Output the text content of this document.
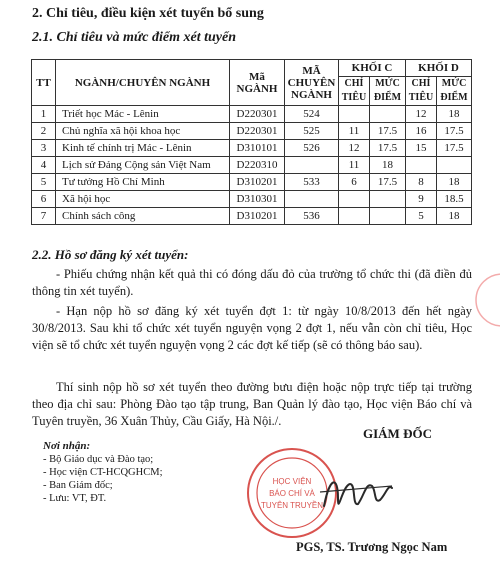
2. Chỉ tiêu, điều kiện xét tuyển bổ sung
2.1. Chỉ tiêu và mức điểm xét tuyển
TT	NGÀNH/CHUYÊN NGÀNH	Mã NGÀNH	MÃ CHUYÊN NGÀNH	KHỐI C		KHỐI D	
				CHỈ TIÊU	MỨC ĐIỂM	CHỈ TIÊU	MỨC ĐIỂM
1	Triết học Mác - Lênin	D220301	524			12	18
2	Chủ nghĩa xã hội khoa học	D220301	525	11	17.5	16	17.5
3	Kinh tế chính trị Mác - Lênin	D310101	526	12	17.5	15	17.5
4	Lịch sử Đảng Cộng sản Việt Nam	D220310		11	18		
5	Tư tưởng Hồ Chí Minh	D310201	533	6	17.5	8	18
6	Xã hội học	D310301				9	18.5
7	Chính sách công	D310201	536			5	18
2.2. Hồ sơ đăng ký xét tuyển:
- Phiếu chứng nhận kết quả thi có đóng dấu đỏ của trường tổ chức thi (đã điền đủ thông tin xét tuyển).
- Hạn nộp hồ sơ đăng ký xét tuyển đợt 1: từ ngày 10/8/2013 đến hết ngày 30/8/2013. Sau khi tổ chức xét tuyển nguyện vọng 2 đợt 1, nếu vẫn còn chỉ tiêu, Học viện sẽ tổ chức xét tuyển nguyện vọng 2 các đợt kế tiếp (sẽ có thông báo sau).
Thí sinh nộp hồ sơ xét tuyển theo đường bưu điện hoặc nộp trực tiếp tại trường theo địa chỉ sau: Phòng Đào tạo tập trung, Ban Quản lý đào tạo, Học viện Báo chí và Tuyên truyền, 36 Xuân Thủy, Cầu Giấy, Hà Nội./.
GIÁM ĐỐC
Nơi nhận:
- Bộ Giáo dục và Đào tạo;
- Học viện CT-HCQGHCM;
- Ban Giám đốc;
- Lưu: VT, ĐT.
HỌC VIỆN
BÁO CHÍ VÀ
TUYÊN TRUYỀN
PGS, TS. Trương Ngọc Nam
